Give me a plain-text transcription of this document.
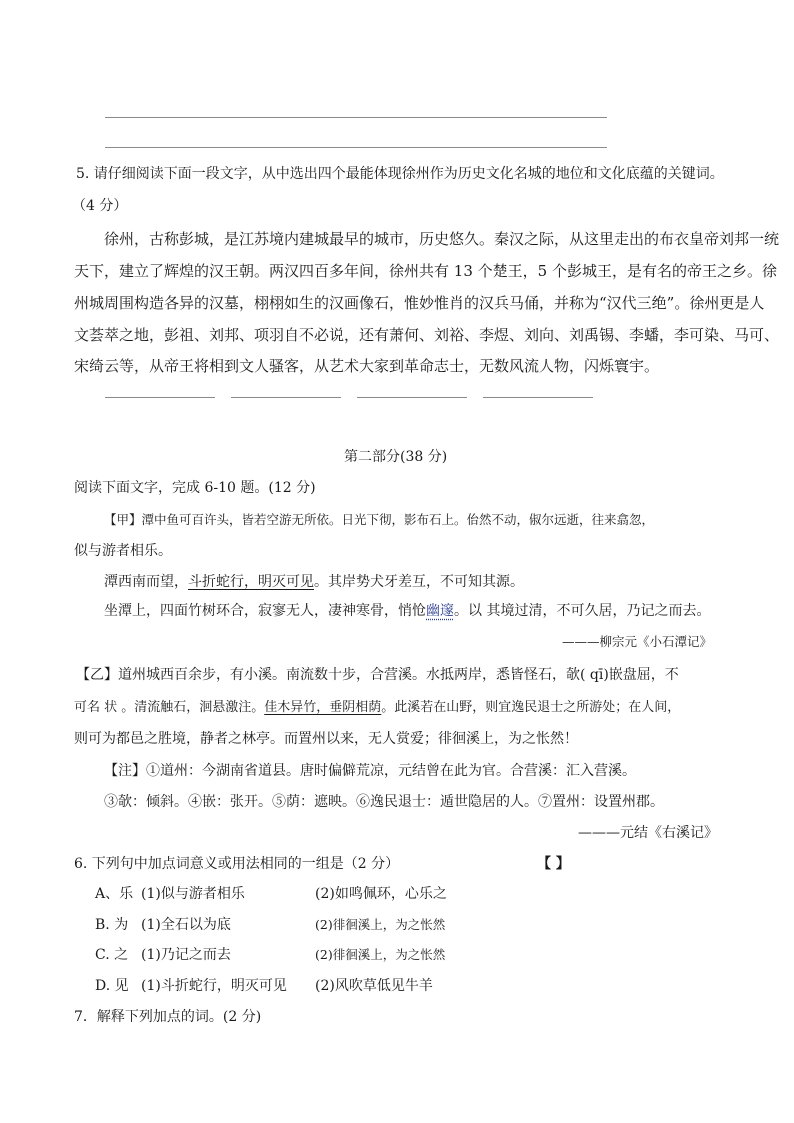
5. 请仔细阅读下面一段文字，从中选出四个最能体现徐州作为历史文化名城的地位和文化底蕴的关键词。
（4 分）
徐州，古称彭城，是江苏境内建城最早的城市，历史悠久。秦汉之际，从这里走出的布衣皇帝刘邦一统
天下，建立了辉煌的汉王朝。两汉四百多年间，徐州共有 13 个楚王，5 个彭城王，是有名的帝王之乡。徐
州城周围构造各异的汉墓，栩栩如生的汉画像石，惟妙惟肖的汉兵马俑，并称为“汉代三绝”。徐州更是人
文荟萃之地，彭祖、刘邦、项羽自不必说，还有萧何、刘裕、李煜、刘向、刘禹锡、李蟠，李可染、马可、
宋绮云等，从帝王将相到文人骚客，从艺术大家到革命志士，无数风流人物，闪烁寰宇。
第二部分(38 分)
阅读下面文字，完成 6-10 题。(12 分)
【甲】潭中鱼可百许头，皆若空游无所依。日光下彻，影布石上。佁然不动，俶尔远逝，往来翕忽，
似与游者相乐。
潭西南而望，斗折蛇行，明灭可见。其岸势犬牙差互，不可知其源。
坐潭上，四面竹树环合，寂寥无人，凄神寒骨，悄怆幽邃。以 其境过清，不可久居，乃记之而去。
———柳宗元《小石潭记》
【乙】道州城西百余步，有小溪。南流数十步，合营溪。水抵两岸，悉皆怪石，欹( qī)嵌盘屈，不
可名 状 。清流触石，洄悬激注。佳木异竹，垂阴相荫。此溪若在山野，则宜逸民退士之所游处；在人间，
则可为都邑之胜境，静者之林亭。而置州以来，无人赏爱；徘徊溪上，为之怅然！
【注】①道州：今湖南省道县。唐时偏僻荒凉，元结曾在此为官。合营溪：汇入营溪。
③欹：倾斜。④嵌：张开。⑤荫：遮映。⑥逸民退士：遁世隐居的人。⑦置州：设置州郡。
———元结《右溪记》
6. 下列句中加点词意义或用法相同的一组是（2 分）	【 】
A、乐 (1)似与游者相乐	(2)如鸣佩环，心乐之
B. 为 (1)全石以为底	(2)徘徊溪上，为之怅然
C. 之 (1)乃记之而去	(2)徘徊溪上，为之怅然
D. 见 (1)斗折蛇行，明灭可见 (2)风吹草低见牛羊
7．解释下列加点的词。(2 分)
